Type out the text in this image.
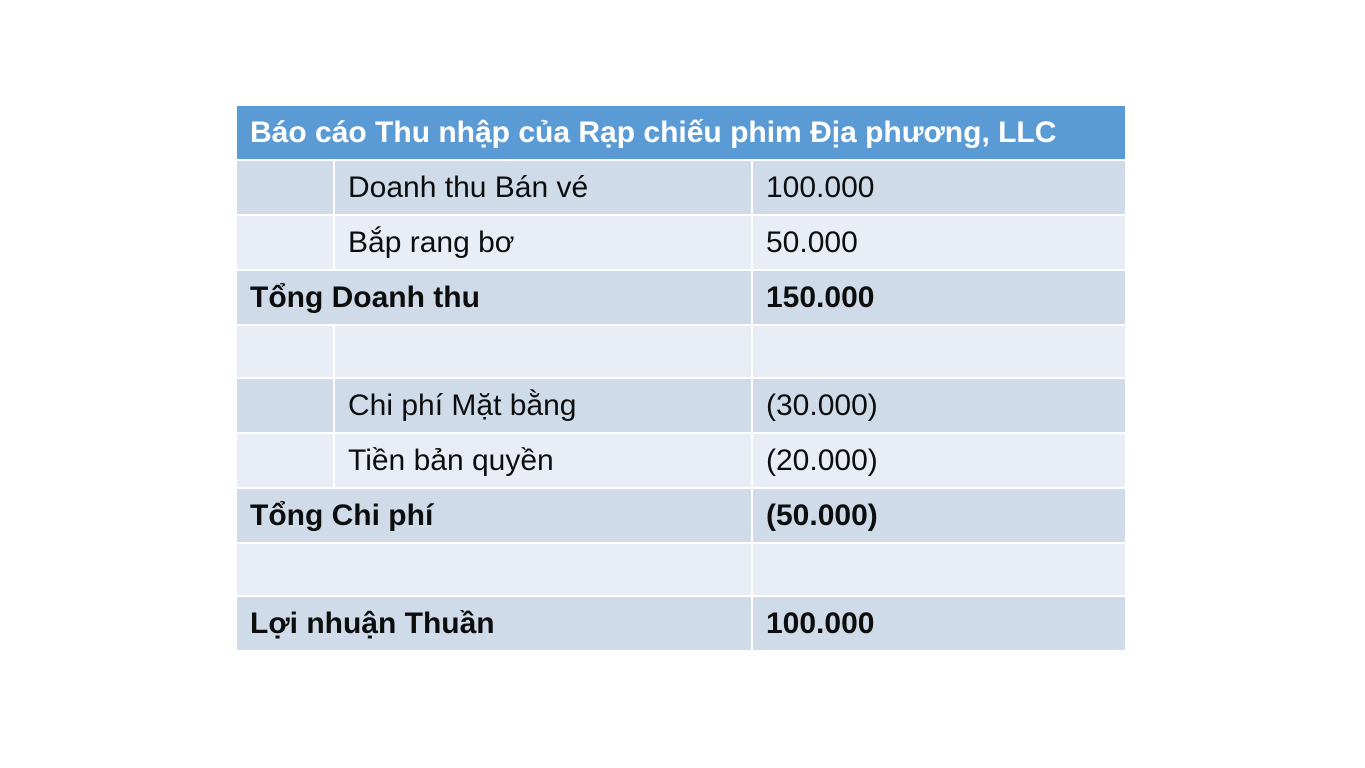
Báo cáo Thu nhập của Rạp chiếu phim Địa phương, LLC		
	Doanh thu Bán vé	100.000
	Bắp rang bơ	50.000
Tổng Doanh thu		150.000

	Chi phí Mặt bằng	(30.000)
	Tiền bản quyền	(20.000)
Tổng Chi phí		(50.000)

Lợi nhuận Thuần		100.000
